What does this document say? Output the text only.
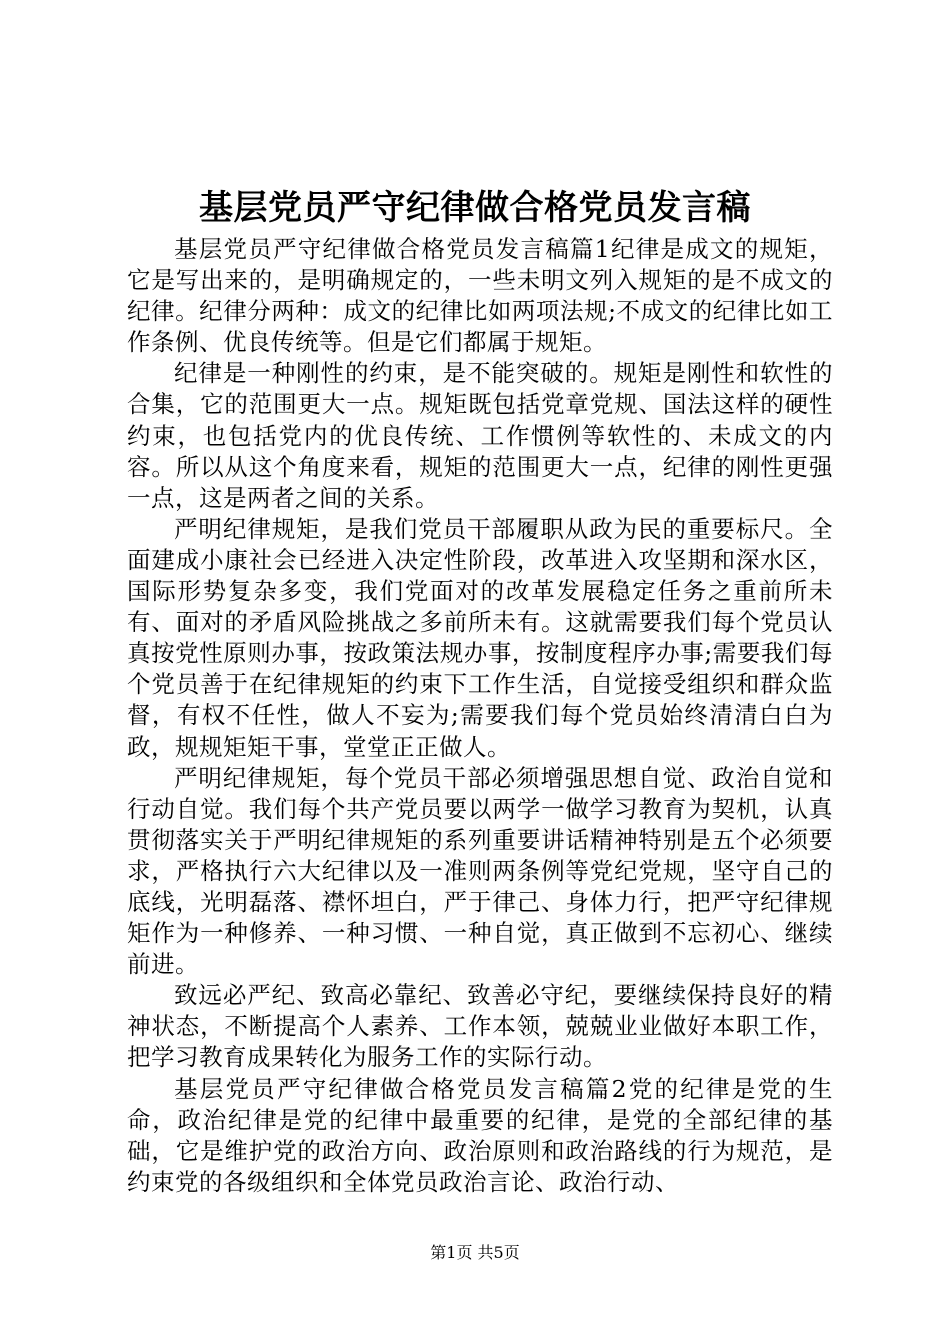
基层党员严守纪律做合格党员发言稿

基层党员严守纪律做合格党员发言稿篇1纪律是成文的规矩，它是写出来的，是明确规定的，一些未明文列入规矩的是不成文的纪律。纪律分两种：成文的纪律比如两项法规;不成文的纪律比如工作条例、优良传统等。但是它们都属于规矩。

纪律是一种刚性的约束，是不能突破的。规矩是刚性和软性的合集，它的范围更大一点。规矩既包括党章党规、国法这样的硬性约束，也包括党内的优良传统、工作惯例等软性的、未成文的内容。所以从这个角度来看，规矩的范围更大一点，纪律的刚性更强一点，这是两者之间的关系。

严明纪律规矩，是我们党员干部履职从政为民的重要标尺。全面建成小康社会已经进入决定性阶段，改革进入攻坚期和深水区，国际形势复杂多变，我们党面对的改革发展稳定任务之重前所未有、面对的矛盾风险挑战之多前所未有。这就需要我们每个党员认真按党性原则办事，按政策法规办事，按制度程序办事;需要我们每个党员善于在纪律规矩的约束下工作生活，自觉接受组织和群众监督，有权不任性，做人不妄为;需要我们每个党员始终清清白白为政，规规矩矩干事，堂堂正正做人。

严明纪律规矩，每个党员干部必须增强思想自觉、政治自觉和行动自觉。我们每个共产党员要以两学一做学习教育为契机，认真贯彻落实关于严明纪律规矩的系列重要讲话精神特别是五个必须要求，严格执行六大纪律以及一准则两条例等党纪党规，坚守自己的底线，光明磊落、襟怀坦白，严于律己、身体力行，把严守纪律规矩作为一种修养、一种习惯、一种自觉，真正做到不忘初心、继续前进。

致远必严纪、致高必靠纪、致善必守纪，要继续保持良好的精神状态，不断提高个人素养、工作本领，兢兢业业做好本职工作，把学习教育成果转化为服务工作的实际行动。

基层党员严守纪律做合格党员发言稿篇2党的纪律是党的生命，政治纪律是党的纪律中最重要的纪律，是党的全部纪律的基础，它是维护党的政治方向、政治原则和政治路线的行为规范，是约束党的各级组织和全体党员政治言论、政治行动、

第1页 共5页
